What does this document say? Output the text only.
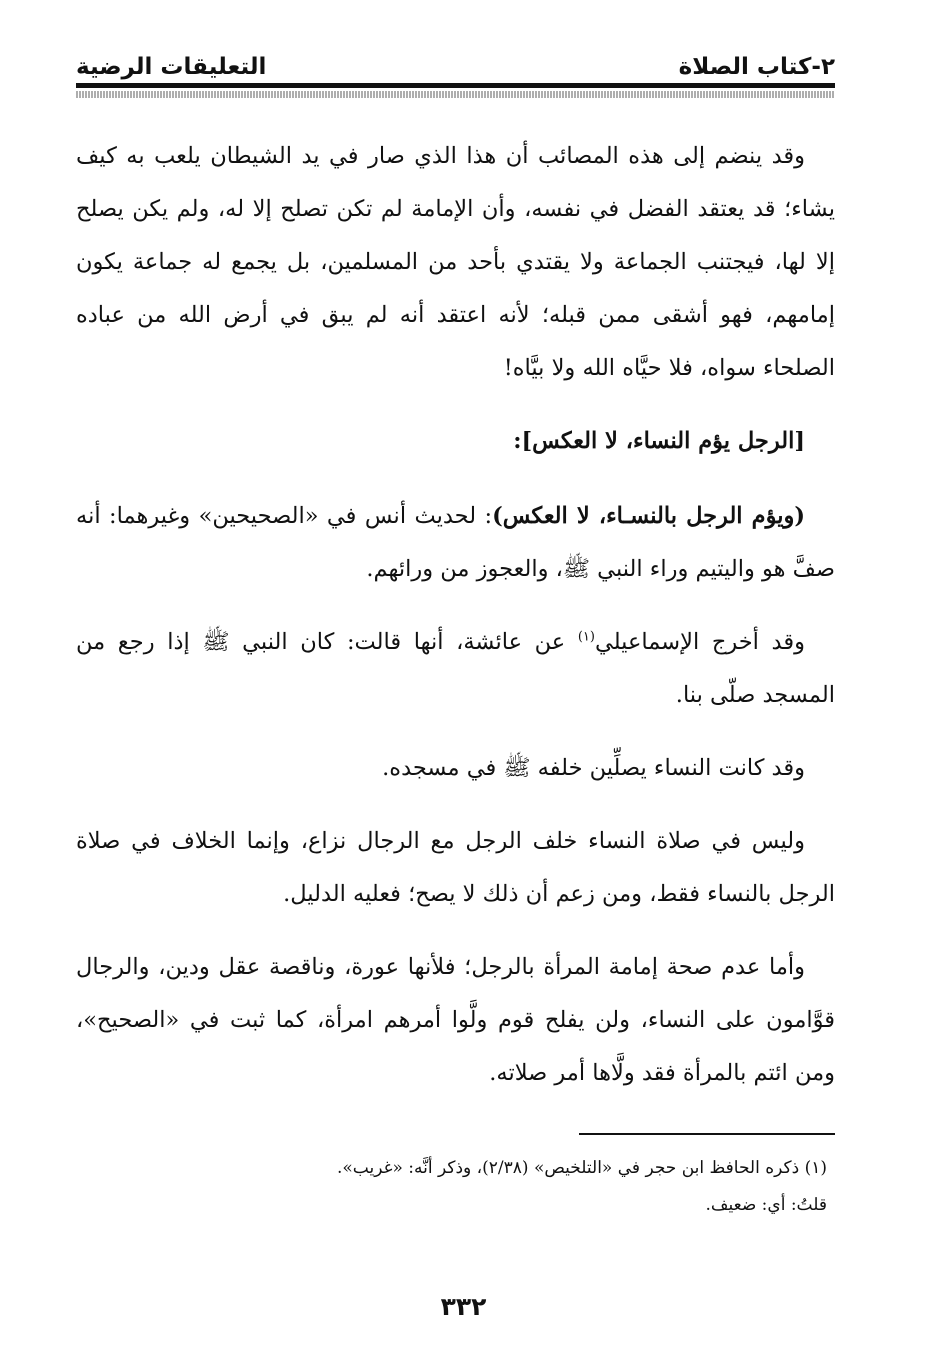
٢-كتاب الصلاة
التعليقات الرضية

وقد ينضم إلى هذه المصائب أن هذا الذي صار في يد الشيطان يلعب به كيف يشاء؛ قد يعتقد الفضل في نفسه، وأن الإمامة لم تكن تصلح إلا له، ولم يكن يصلح إلا لها، فيجتنب الجماعة ولا يقتدي بأحد من المسلمين، بل يجمع له جماعة يكون إمامهم، فهو أشقى ممن قبله؛ لأنه اعتقد أنه لم يبق في أرض الله من عباده الصلحاء سواه، فلا حيَّاه الله ولا بيَّاه!

[الرجل يؤم النساء، لا العكس]:

(ويؤم الرجل بالنسـاء، لا العكس): لحديث أنس في «الصحيحين» وغيرهما: أنه صفَّ هو واليتيم وراء النبي ﷺ، والعجوز من ورائهم.

وقد أخرج الإسماعيلي$^{(١)}$ عن عائشة، أنها قالت: كان النبي ﷺ إذا رجع من المسجد صلّى بنا.

وقد كانت النساء يصلِّين خلفه ﷺ في مسجده.

وليس في صلاة النساء خلف الرجل مع الرجال نزاع، وإنما الخلاف في صلاة الرجل بالنساء فقط، ومن زعم أن ذلك لا يصح؛ فعليه الدليل.

وأما عدم صحة إمامة المرأة بالرجل؛ فلأنها عورة، وناقصة عقل ودين، والرجال قوَّامون على النساء، ولن يفلح قوم ولَّوا أمرهم امرأة، كما ثبت في «الصحيح»، ومن ائتم بالمرأة فقد ولَّاها أمر صلاته.

(١) ذكره الحافظ ابن حجر في «التلخيص» (٢/٣٨)، وذكر أنَّه: «غريب».

قلتُ: أي: ضعيف.

٣٣٢
